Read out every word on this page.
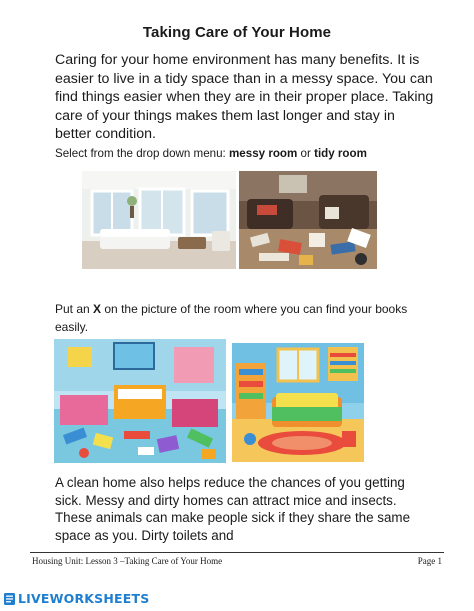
Taking Care of Your Home
Caring for your home environment has many benefits. It is easier to live in a tidy space than in a messy space. You can find things easier when they are in their proper place. Taking care of your things makes them last longer and stay in better condition.
Select from the drop down menu: messy room or tidy room
Put an X on the picture of the room where you can find your books easily.
A clean home also helps reduce the chances of you getting sick. Messy and dirty homes can attract mice and insects. These animals can make people sick if they share the same space as you. Dirty toilets and
Housing Unit: Lesson 3 –Taking Care of Your Home	Page 1
LIVEWORKSHEETS
